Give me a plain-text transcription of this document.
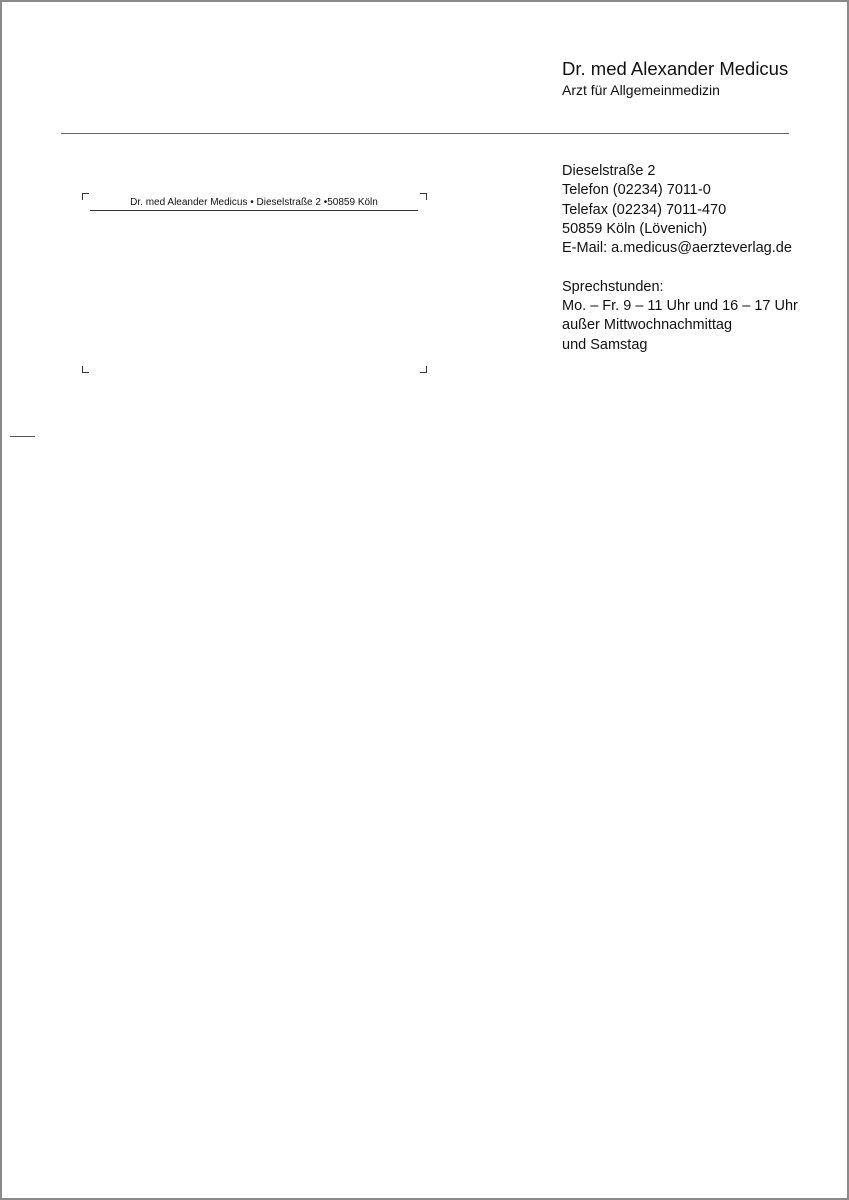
Dr. med Alexander Medicus
Arzt für Allgemeinmedizin
Dieselstraße 2
Telefon (02234) 7011-0
Telefax (02234) 7011-470
50859 Köln (Lövenich)
E-Mail: a.medicus@aerzteverlag.de
Sprechstunden:
Mo. – Fr. 9 – 11 Uhr und 16 – 17 Uhr
außer Mittwochnachmittag
und Samstag
Dr. med Aleander Medicus • Dieselstraße 2 •50859 Köln
